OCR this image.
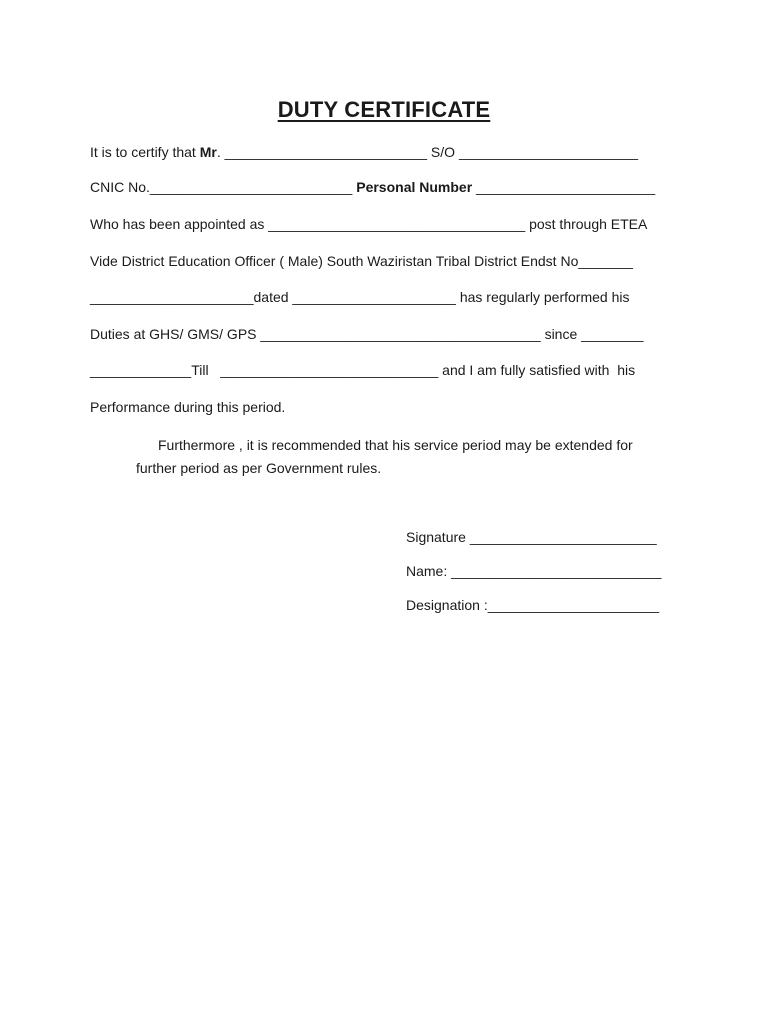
DUTY CERTIFICATE
It is to certify that Mr. __________________________ S/O _______________________
CNIC No.__________________________ Personal Number _______________________
Who has been appointed as _________________________________ post through ETEA
Vide District Education Officer ( Male) South Waziristan Tribal District Endst No_______
_____________________dated _____________________ has regularly performed his
Duties at GHS/ GMS/ GPS ____________________________________ since ________
_____________Till   ____________________________ and I am fully satisfied with  his
Performance during this period.
Furthermore , it is recommended that his service period may be extended for
further period as per Government rules.
Signature ________________________
Name: ___________________________
Designation :______________________
